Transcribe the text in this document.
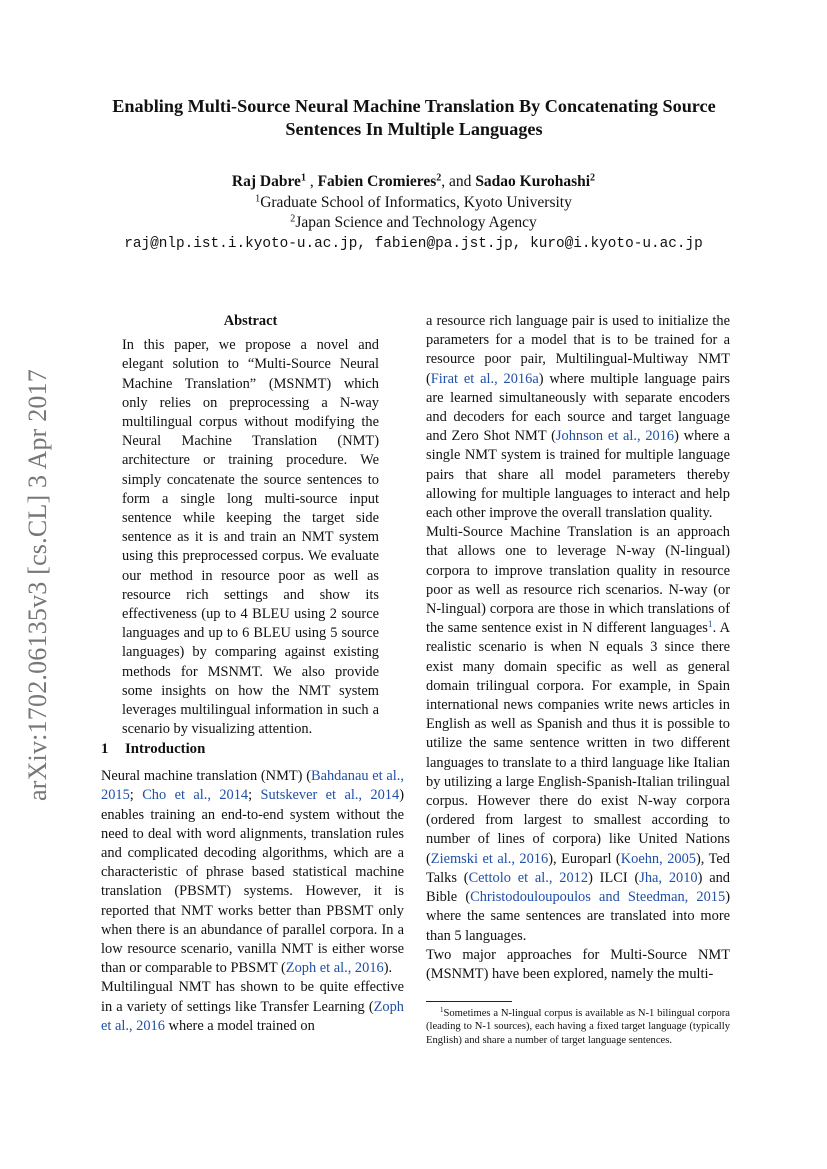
arXiv:1702.06135v3 [cs.CL] 3 Apr 2017
Enabling Multi-Source Neural Machine Translation By Concatenating Source Sentences In Multiple Languages
Raj Dabre$^1$ , Fabien Cromieres$^2$, and Sadao Kurohashi$^2$
$^1$Graduate School of Informatics, Kyoto University
$^2$Japan Science and Technology Agency
raj@nlp.ist.i.kyoto-u.ac.jp, fabien@pa.jst.jp, kuro@i.kyoto-u.ac.jp
Abstract

In this paper, we propose a novel and elegant solution to “Multi-Source Neural Machine Translation” (MSNMT) which only relies on preprocessing a N-way multilingual corpus without modifying the Neural Machine Translation (NMT) architecture or training procedure. We simply concatenate the source sentences to form a single long multi-source input sentence while keeping the target side sentence as it is and train an NMT system using this preprocessed corpus. We evaluate our method in resource poor as well as resource rich settings and show its effectiveness (up to 4 BLEU using 2 source languages and up to 6 BLEU using 5 source languages) by comparing against existing methods for MSNMT. We also provide some insights on how the NMT system leverages multilingual information in such a scenario by visualizing attention.

1 Introduction

Neural machine translation (NMT) (Bahdanau et al., 2015; Cho et al., 2014; Sutskever et al., 2014) enables training an end-to-end system without the need to deal with word alignments, translation rules and complicated decoding algorithms, which are a characteristic of phrase based statistical machine translation (PBSMT) systems. However, it is reported that NMT works better than PBSMT only when there is an abundance of parallel corpora. In a low resource scenario, vanilla NMT is either worse than or comparable to PBSMT (Zoph et al., 2016).

Multilingual NMT has shown to be quite effective in a variety of settings like Transfer Learning (Zoph et al., 2016 where a model trained on

a resource rich language pair is used to initialize the parameters for a model that is to be trained for a resource poor pair, Multilingual-Multiway NMT (Firat et al., 2016a) where multiple language pairs are learned simultaneously with separate encoders and decoders for each source and target language and Zero Shot NMT (Johnson et al., 2016) where a single NMT system is trained for multiple language pairs that share all model parameters thereby allowing for multiple languages to interact and help each other improve the overall translation quality.

Multi-Source Machine Translation is an approach that allows one to leverage N-way (N-lingual) corpora to improve translation quality in resource poor as well as resource rich scenarios. N-way (or N-lingual) corpora are those in which translations of the same sentence exist in N different languages$^1$. A realistic scenario is when N equals 3 since there exist many domain specific as well as general domain trilingual corpora. For example, in Spain international news companies write news articles in English as well as Spanish and thus it is possible to utilize the same sentence written in two different languages to translate to a third language like Italian by utilizing a large English-Spanish-Italian trilingual corpus. However there do exist N-way corpora (ordered from largest to smallest according to number of lines of corpora) like United Nations (Ziemski et al., 2016), Europarl (Koehn, 2005), Ted Talks (Cettolo et al., 2012) ILCI (Jha, 2010) and Bible (Christodouloupoulos and Steedman, 2015) where the same sentences are translated into more than 5 languages.

Two major approaches for Multi-Source NMT (MSNMT) have been explored, namely the multi-

$^1$Sometimes a N-lingual corpus is available as N-1 bilingual corpora (leading to N-1 sources), each having a fixed target language (typically English) and share a number of target language sentences.
